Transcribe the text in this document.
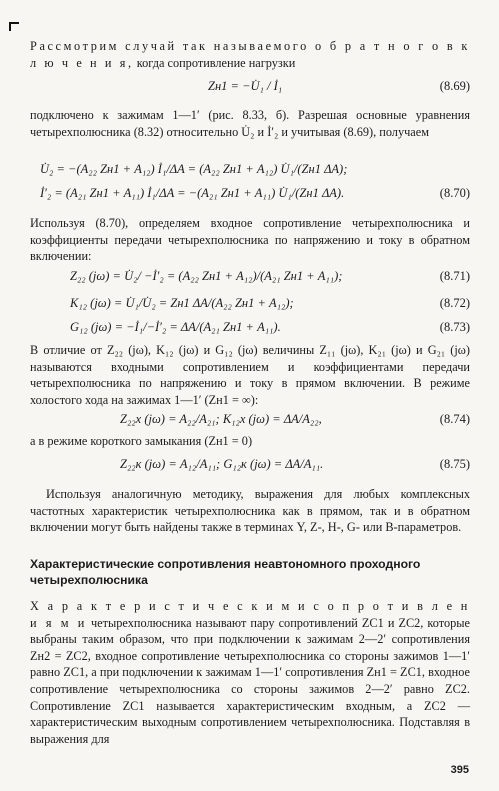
Рассмотрим случай так называемого о б р а т н о г о в к л ю ч е н и я, когда сопротивление нагрузки

Zн1 = −U̇₁ / İ₁	(8.69)

подключено к зажимам 1—1′ (рис. 8.33, б). Разрешая основные уравнения четырехполюсника (8.32) относительно U̇₂ и İ′₂ и учитывая (8.69), получаем

U̇₂ = −(A₂₂ Zн1 + A₁₂) İ₁/ΔA = (A₂₂ Zн1 + A₁₂) U̇₁/(Zн1 ΔA);
İ′₂ = (A₂₁ Zн1 + A₁₁) İ₁/ΔA = −(A₂₁ Zн1 + A₁₁) U̇₁/(Zн1 ΔA).	(8.70)

Используя (8.70), определяем входное сопротивление четырехполюсника и коэффициенты передачи четырехполюсника по напряжению и току в обратном включении:

Z₂₂ (jω) = U̇₂/ −İ′₂ = (A₂₂ Zн1 + A₁₂)/(A₂₁ Zн1 + A₁₁);	(8.71)
K₁₂ (jω) = U̇₁/U̇₂ = Zн1 ΔA/(A₂₂ Zн1 + A₁₂);	(8.72)
G₁₂ (jω) = −İ₁/−İ′₂ = ΔA/(A₂₁ Zн1 + A₁₁).	(8.73)

В отличие от Z₂₂ (jω), K₁₂ (jω) и G₁₂ (jω) величины Z₁₁ (jω), K₂₁ (jω) и G₂₁ (jω) называются входными сопротивлением и коэффициентами передачи четырехполюсника по напряжению и току в прямом включении. В режиме холостого хода на зажимах 1—1′ (Zн1 = ∞):

Z₂₂x (jω) = A₂₂/A₂₁; K₁₂x (jω) = ΔA/A₂₂,	(8.74)

а в режиме короткого замыкания (Zн1 = 0)

Z₂₂к (jω) = A₁₂/A₁₁; G₁₂к (jω) = ΔA/A₁₁.	(8.75)

Используя аналогичную методику, выражения для любых комплексных частотных характеристик четырехполюсника как в прямом, так и в обратном включении могут быть найдены также в терминах Y, Z-, H-, G- или B-параметров.

Характеристические сопротивления неавтономного проходного четырехполюсника

Х а р а к т е р и с т и ч е с к и м и с о п р о т и в л е н и я м и четырехполюсника называют пару сопротивлений ZC1 и ZC2, которые выбраны таким образом, что при подключении к зажимам 2—2′ сопротивления Zн2 = ZC2, входное сопротивление четырехполюсника со стороны зажимов 1—1′ равно ZC1, а при подключении к зажимам 1—1′ сопротивления Zн1 = ZC1, входное сопротивление четырехполюсника со стороны зажимов 2—2′ равно ZC2. Сопротивление ZC1 называется характеристическим входным, а ZC2 — характеристическим выходным сопротивлением четырехполюсника. Подставляя в выражения для

395
